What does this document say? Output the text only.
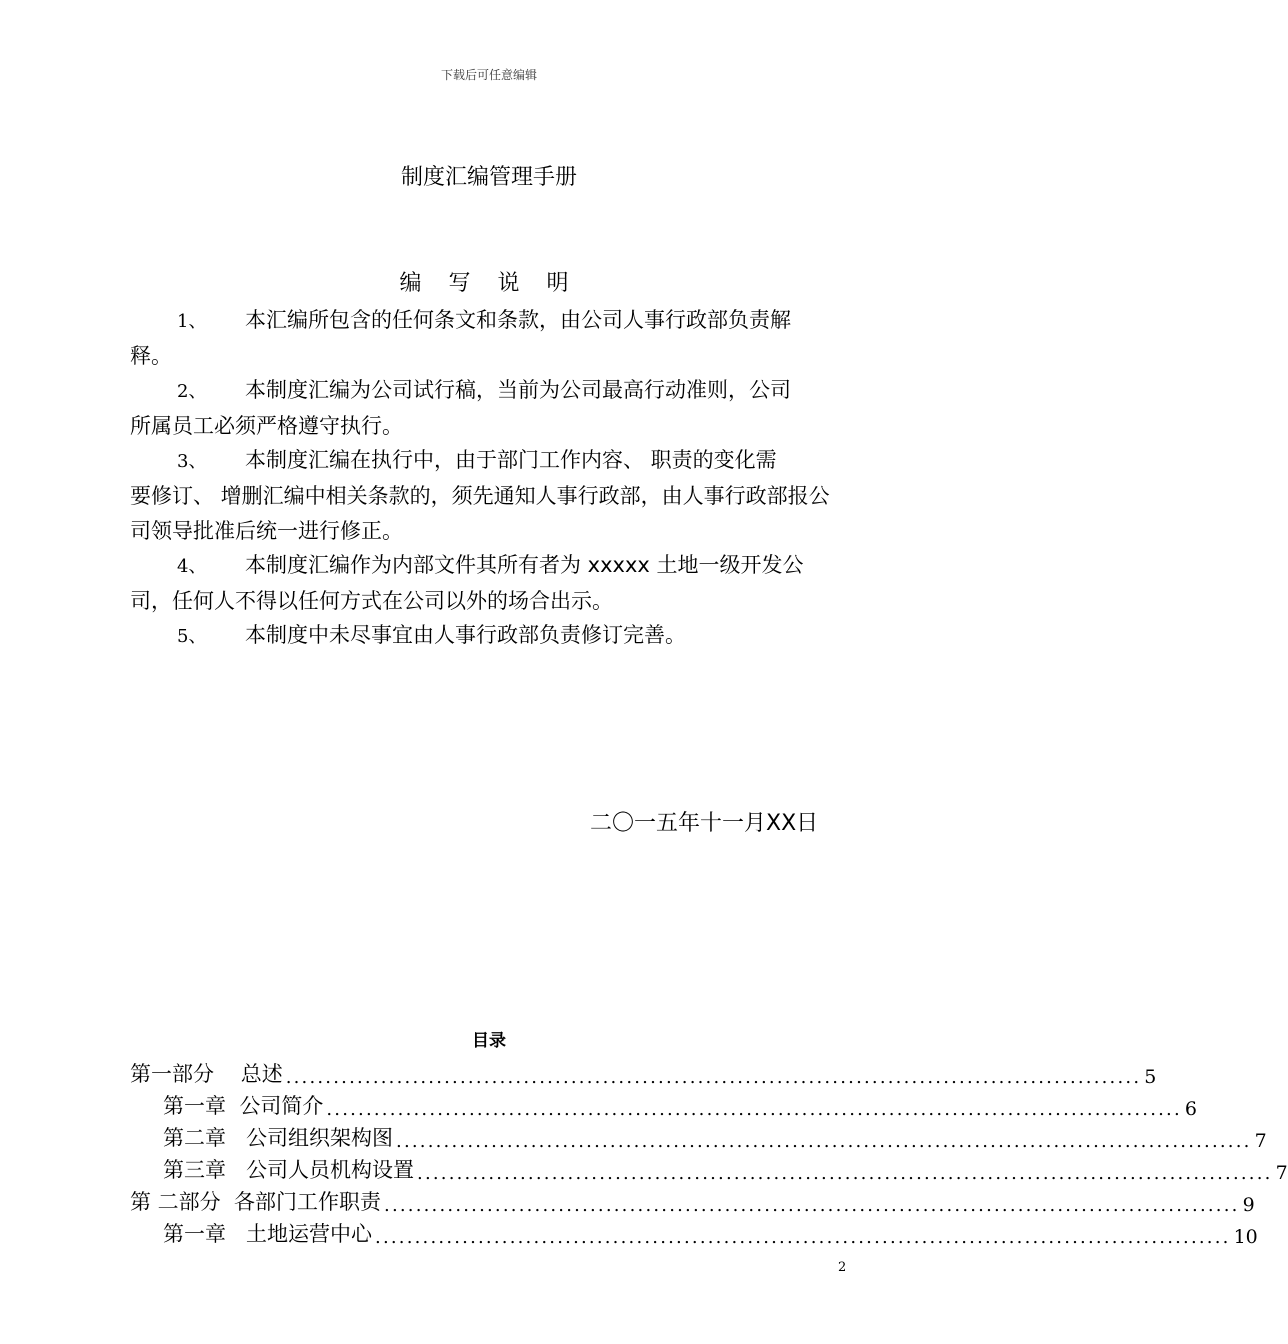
下载后可任意编辑
制度汇编管理手册
编 写 说 明
1、 本汇编所包含的任何条文和条款，由公司人事行政部负责解
释。
2、 本制度汇编为公司试行稿，当前为公司最高行动准则，公司
所属员工必须严格遵守执行。
3、 本制度汇编在执行中，由于部门工作内容、 职责的变化需
要修订、 增删汇编中相关条款的，须先通知人事行政部，由人事行政部报公司领导批准后统一进行修正。
4、 本制度汇编作为内部文件其所有者为 xxxxx 土地一级开发公
司，任何人不得以任何方式在公司以外的场合出示。
5、 本制度中未尽事宜由人事行政部负责修订完善。
二〇一五年十一月XX日
目录
第一部分    总述 ............................................................................................................ 5
第一章  公司简介 ............................................................................................................ 6
第二章   公司组织架构图 ............................................................................................................ 7
第三章   公司人员机构设置 ............................................................................................................ 7
第 二部分  各部门工作职责 ............................................................................................................ 9
第一章   土地运营中心 ............................................................................................................ 10
2
